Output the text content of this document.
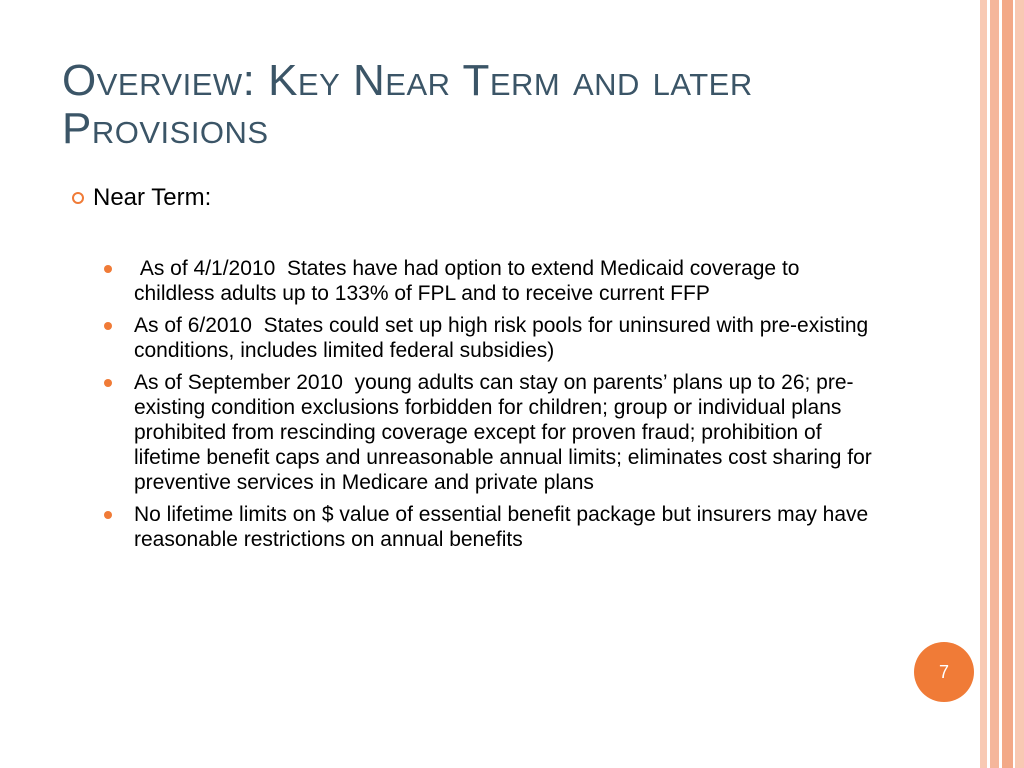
Overview: Key Near Term and later Provisions
Near Term:
As of 4/1/2010  States have had option to extend Medicaid coverage to childless adults up to 133% of FPL and to receive current FFP
As of 6/2010  States could set up high risk pools for uninsured with pre-existing conditions, includes limited federal subsidies)
As of September 2010  young adults can stay on parents’ plans up to 26; pre-existing condition exclusions forbidden for children; group or individual plans prohibited from rescinding coverage except for proven fraud; prohibition of lifetime benefit caps and unreasonable annual limits; eliminates cost sharing for preventive services in Medicare and private plans
No lifetime limits on $ value of essential benefit package but insurers may have reasonable restrictions on annual benefits
7
